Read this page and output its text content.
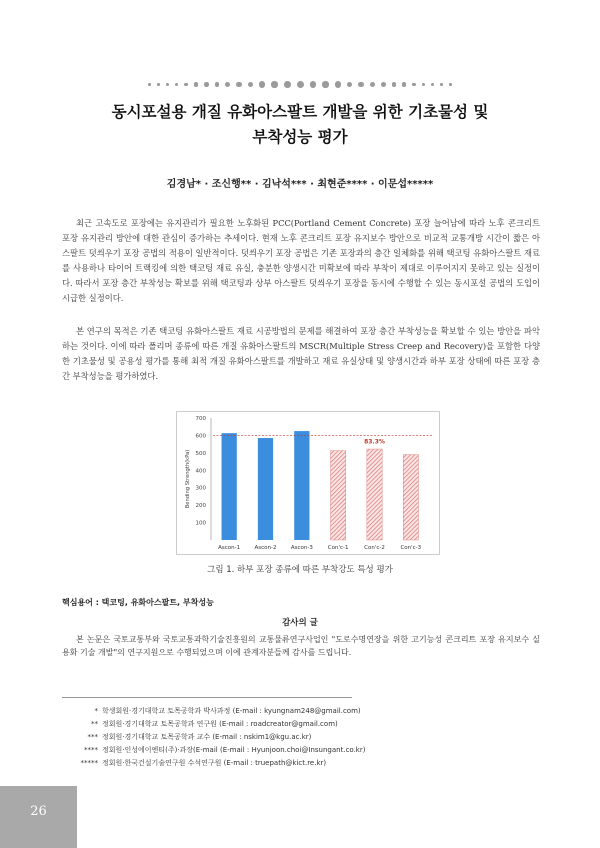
동시포설용 개질 유화아스팔트 개발을 위한 기초물성 및
부착성능 평가
김경남* · 조신행** · 김낙석*** · 최현준**** · 이문섭*****

최근 고속도로 포장에는 유지관리가 필요한 노후화된 PCC(Portland Cement Concrete) 포장 늘어남에 따라 노후 콘크리트 포장 유지관리 방안에 대한 관심이 증가하는 추세이다. 현재 노후 콘크리트 포장 유지보수 방안으로 비교적 교통개방 시간이 짧은 아스팔트 덧씌우기 포장 공법의 적용이 일반적이다. 덧씌우기 포장 공법은 기존 포장과의 층간 일체화를 위해 택코팅 유화아스팔트 재료를 사용하나 타이어 트랙킹에 의한 택코팅 재료 유실, 충분한 양생시간 미확보에 따라 부착이 제대로 이루어지지 못하고 있는 실정이다. 따라서 포장 층간 부착성능 확보를 위해 택코팅과 상부 아스팔트 덧씌우기 포장을 동시에 수행할 수 있는 동시포설 공법의 도입이 시급한 실정이다.

본 연구의 목적은 기존 택코팅 유화아스팔트 재료 시공방법의 문제를 해결하여 포장 층간 부착성능을 확보할 수 있는 방안을 파악하는 것이다. 이에 따라 폴리머 종류에 따른 개질 유화아스팔트의 MSCR(Multiple Stress Creep and Recovery)을 포함한 다양한 기초물성 및 공용성 평가를 통해 최적 개질 유화아스팔트를 개발하고 재료 유실상태 및 양생시간과 하부 포장 상태에 따른 포장 층간 부착성능을 평가하였다.

100
200
300
400
500
600
700
Bending Strength(kPa)
Ascon-1	Ascon-2	Ascon-3	Con'c-1	Con'c-2	Con'c-3
83.3%
그림 1. 하부 포장 종류에 따른 부착강도 특성 평가
핵심용어 : 택코팅, 유화아스팔트, 부착성능
감사의 글
본 논문은 국토교통부와 국토교통과학기술진흥원의 교통물류연구사업인 "도로수명연장을 위한 고기능성 콘크리트 포장 유지보수 실용화 기술 개발"의 연구지원으로 수행되었으며 이에 관계자분들께 감사를 드립니다.
* 학생회원·경기대학교 토목공학과 박사과정 (E-mail : kyungnam248@gmail.com)
** 정회원·경기대학교 토목공학과 연구원 (E-mail : roadcreator@gmail.com)
*** 정회원·경기대학교 토목공학과 교수 (E-mail : nskim1@kgu.ac.kr)
**** 정회원·인성에이엔티(주)·과장(E-mail (E-mail : Hyunjoon.choi@Insungant.co.kr)
***** 정회원·한국건설기술연구원 수석연구원 (E-mail : truepath@kict.re.kr)
26
